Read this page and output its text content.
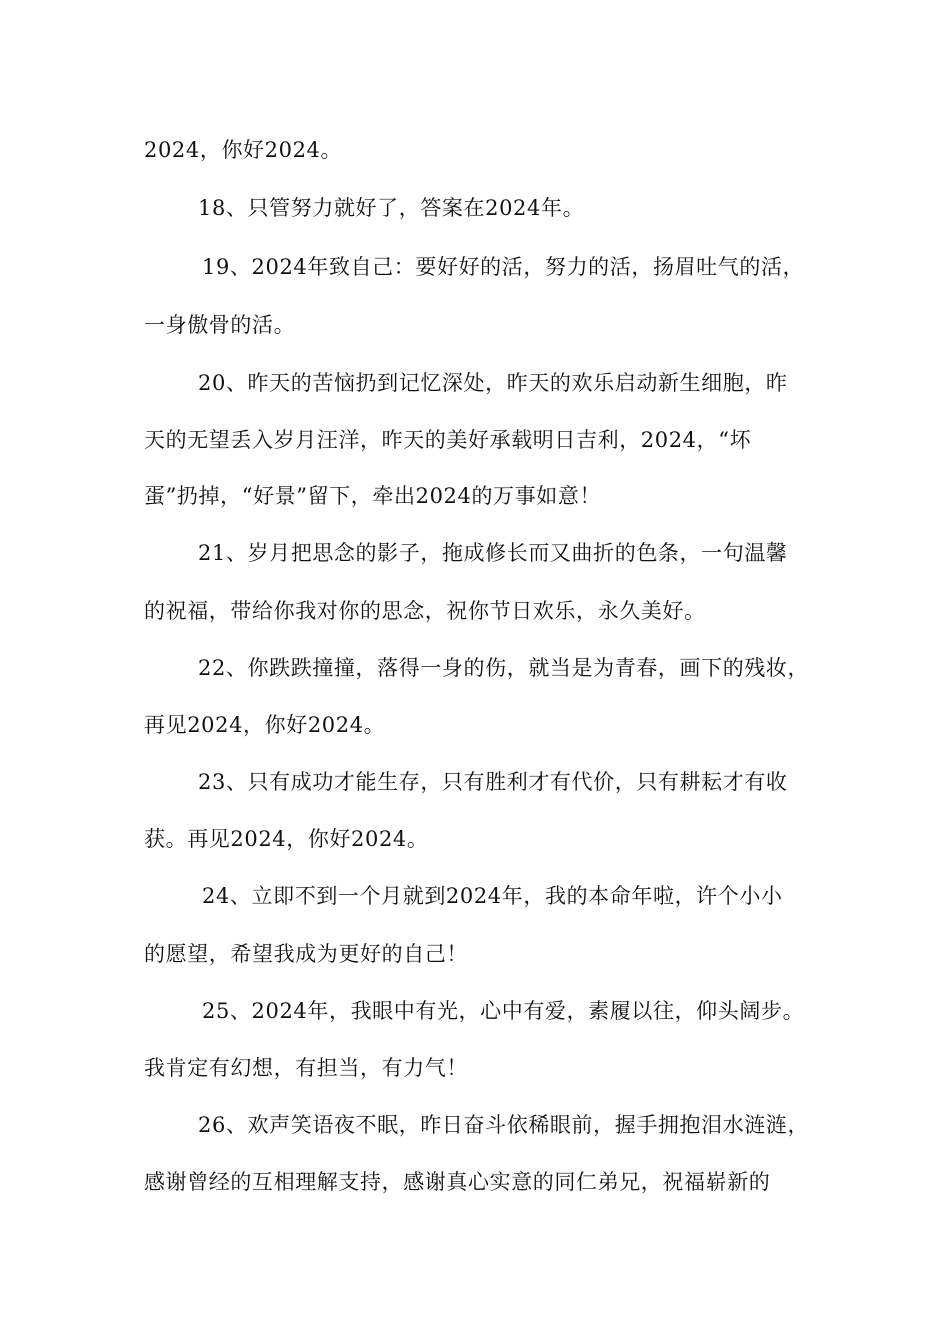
2024，你好2024。
18、只管努力就好了，答案在2024年。
19、2024年致自己：要好好的活，努力的活，扬眉吐气的活，
一身傲骨的活。
20、昨天的苦恼扔到记忆深处，昨天的欢乐启动新生细胞，昨
天的无望丢入岁月汪洋，昨天的美好承载明日吉利，2024，“坏
蛋”扔掉，“好景”留下，牵出2024的万事如意！
21、岁月把思念的影子，拖成修长而又曲折的色条，一句温馨
的祝福，带给你我对你的思念，祝你节日欢乐，永久美好。
22、你跌跌撞撞，落得一身的伤，就当是为青春，画下的残妆，
再见2024，你好2024。
23、只有成功才能生存，只有胜利才有代价，只有耕耘才有收
获。再见2024，你好2024。
24、立即不到一个月就到2024年，我的本命年啦，许个小小
的愿望，希望我成为更好的自己！
25、2024年，我眼中有光，心中有爱，素履以往，仰头阔步。
我肯定有幻想，有担当，有力气！
26、欢声笑语夜不眠，昨日奋斗依稀眼前，握手拥抱泪水涟涟，
感谢曾经的互相理解支持，感谢真心实意的同仁弟兄，祝福崭新的
